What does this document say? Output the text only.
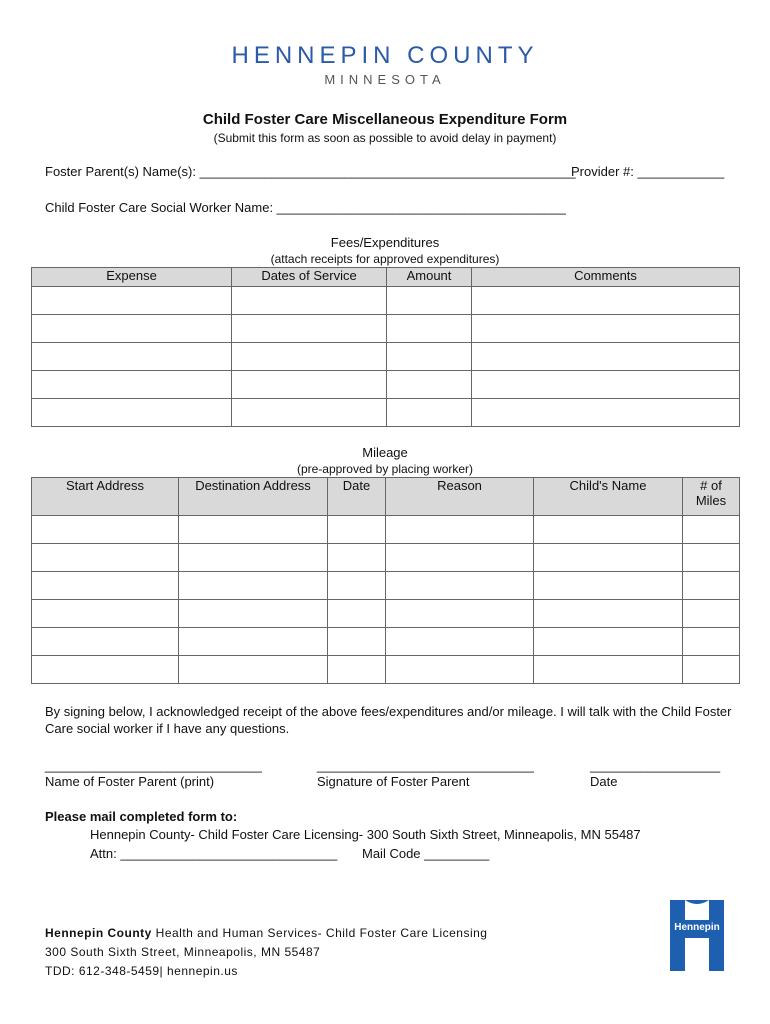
HENNEPIN COUNTY
MINNESOTA
Child Foster Care Miscellaneous Expenditure Form
(Submit this form as soon as possible to avoid delay in payment)
Foster Parent(s) Name(s): ____________________________________________________
Provider #: ____________
Child Foster Care Social Worker Name: ________________________________________
Fees/Expenditures
(attach receipts for approved expenditures)
Expense	Dates of Service	Amount	Comments

Mileage
(pre-approved by placing worker)
Start Address	Destination Address	Date	Reason	Child's Name	# of Miles

By signing below, I acknowledged receipt of the above fees/expenditures and/or mileage. I will talk with the Child Foster
Care social worker if I have any questions.
______________________________	______________________________	__________________
Name of Foster Parent (print)	Signature of Foster Parent	Date
Please mail completed form to:
Hennepin County- Child Foster Care Licensing- 300 South Sixth Street, Minneapolis, MN 55487
Attn: ______________________________ Mail Code _________
Hennepin County Health and Human Services- Child Foster Care Licensing
300 South Sixth Street, Minneapolis, MN 55487
TDD: 612-348-5459| hennepin.us
Hennepin
